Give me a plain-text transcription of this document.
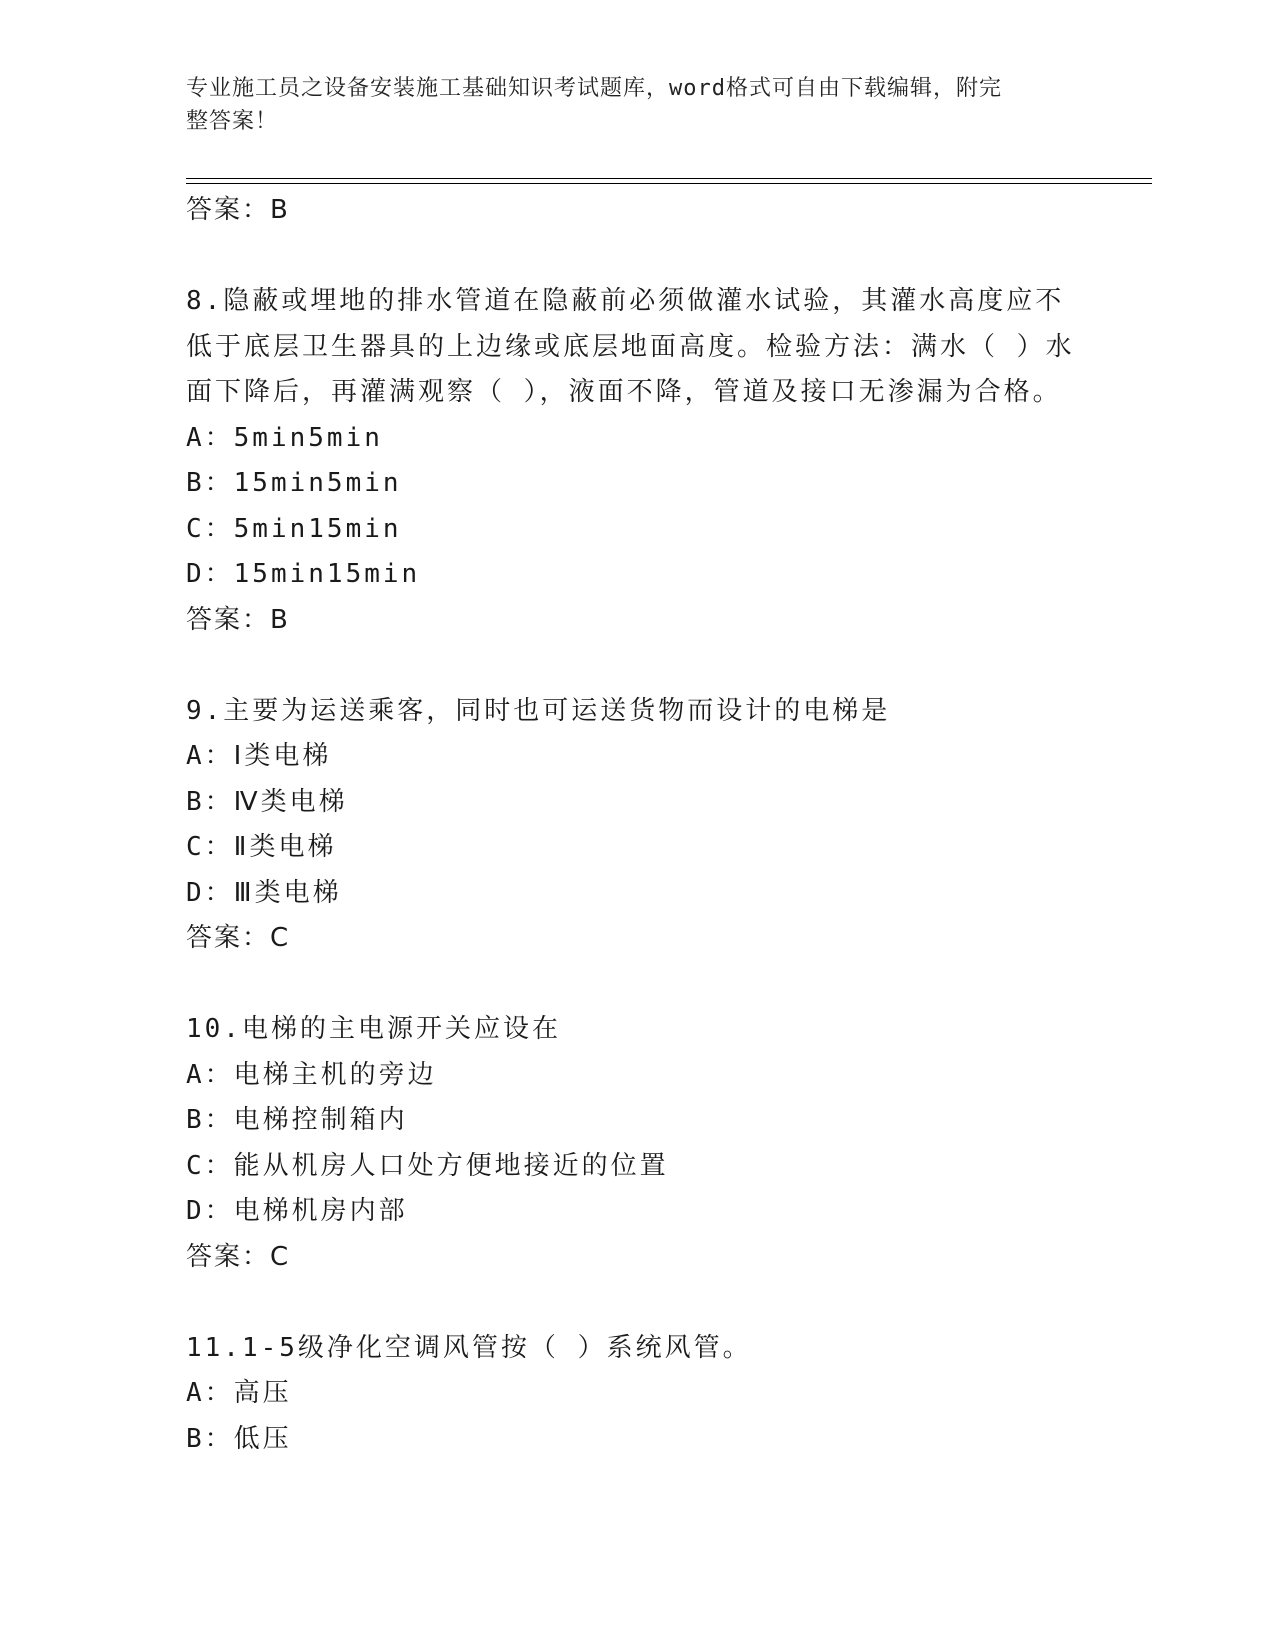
专业施工员之设备安装施工基础知识考试题库，word格式可自由下载编辑，附完
整答案！
答案：B
8.隐蔽或埋地的排水管道在隐蔽前必须做灌水试验，其灌水高度应不
低于底层卫生器具的上边缘或底层地面高度。检验方法：满水（ ）水
面下降后，再灌满观察（ ），液面不降，管道及接口无渗漏为合格。
A：5min5min
B：15min5min
C：5min15min
D：15min15min
答案：B
9.主要为运送乘客，同时也可运送货物而设计的电梯是
A：Ⅰ类电梯
B：Ⅳ类电梯
C：Ⅱ类电梯
D：Ⅲ类电梯
答案：C
10.电梯的主电源开关应设在
A：电梯主机的旁边
B：电梯控制箱内
C：能从机房人口处方便地接近的位置
D：电梯机房内部
答案：C
11.1-5级净化空调风管按（ ）系统风管。
A：高压
B：低压
